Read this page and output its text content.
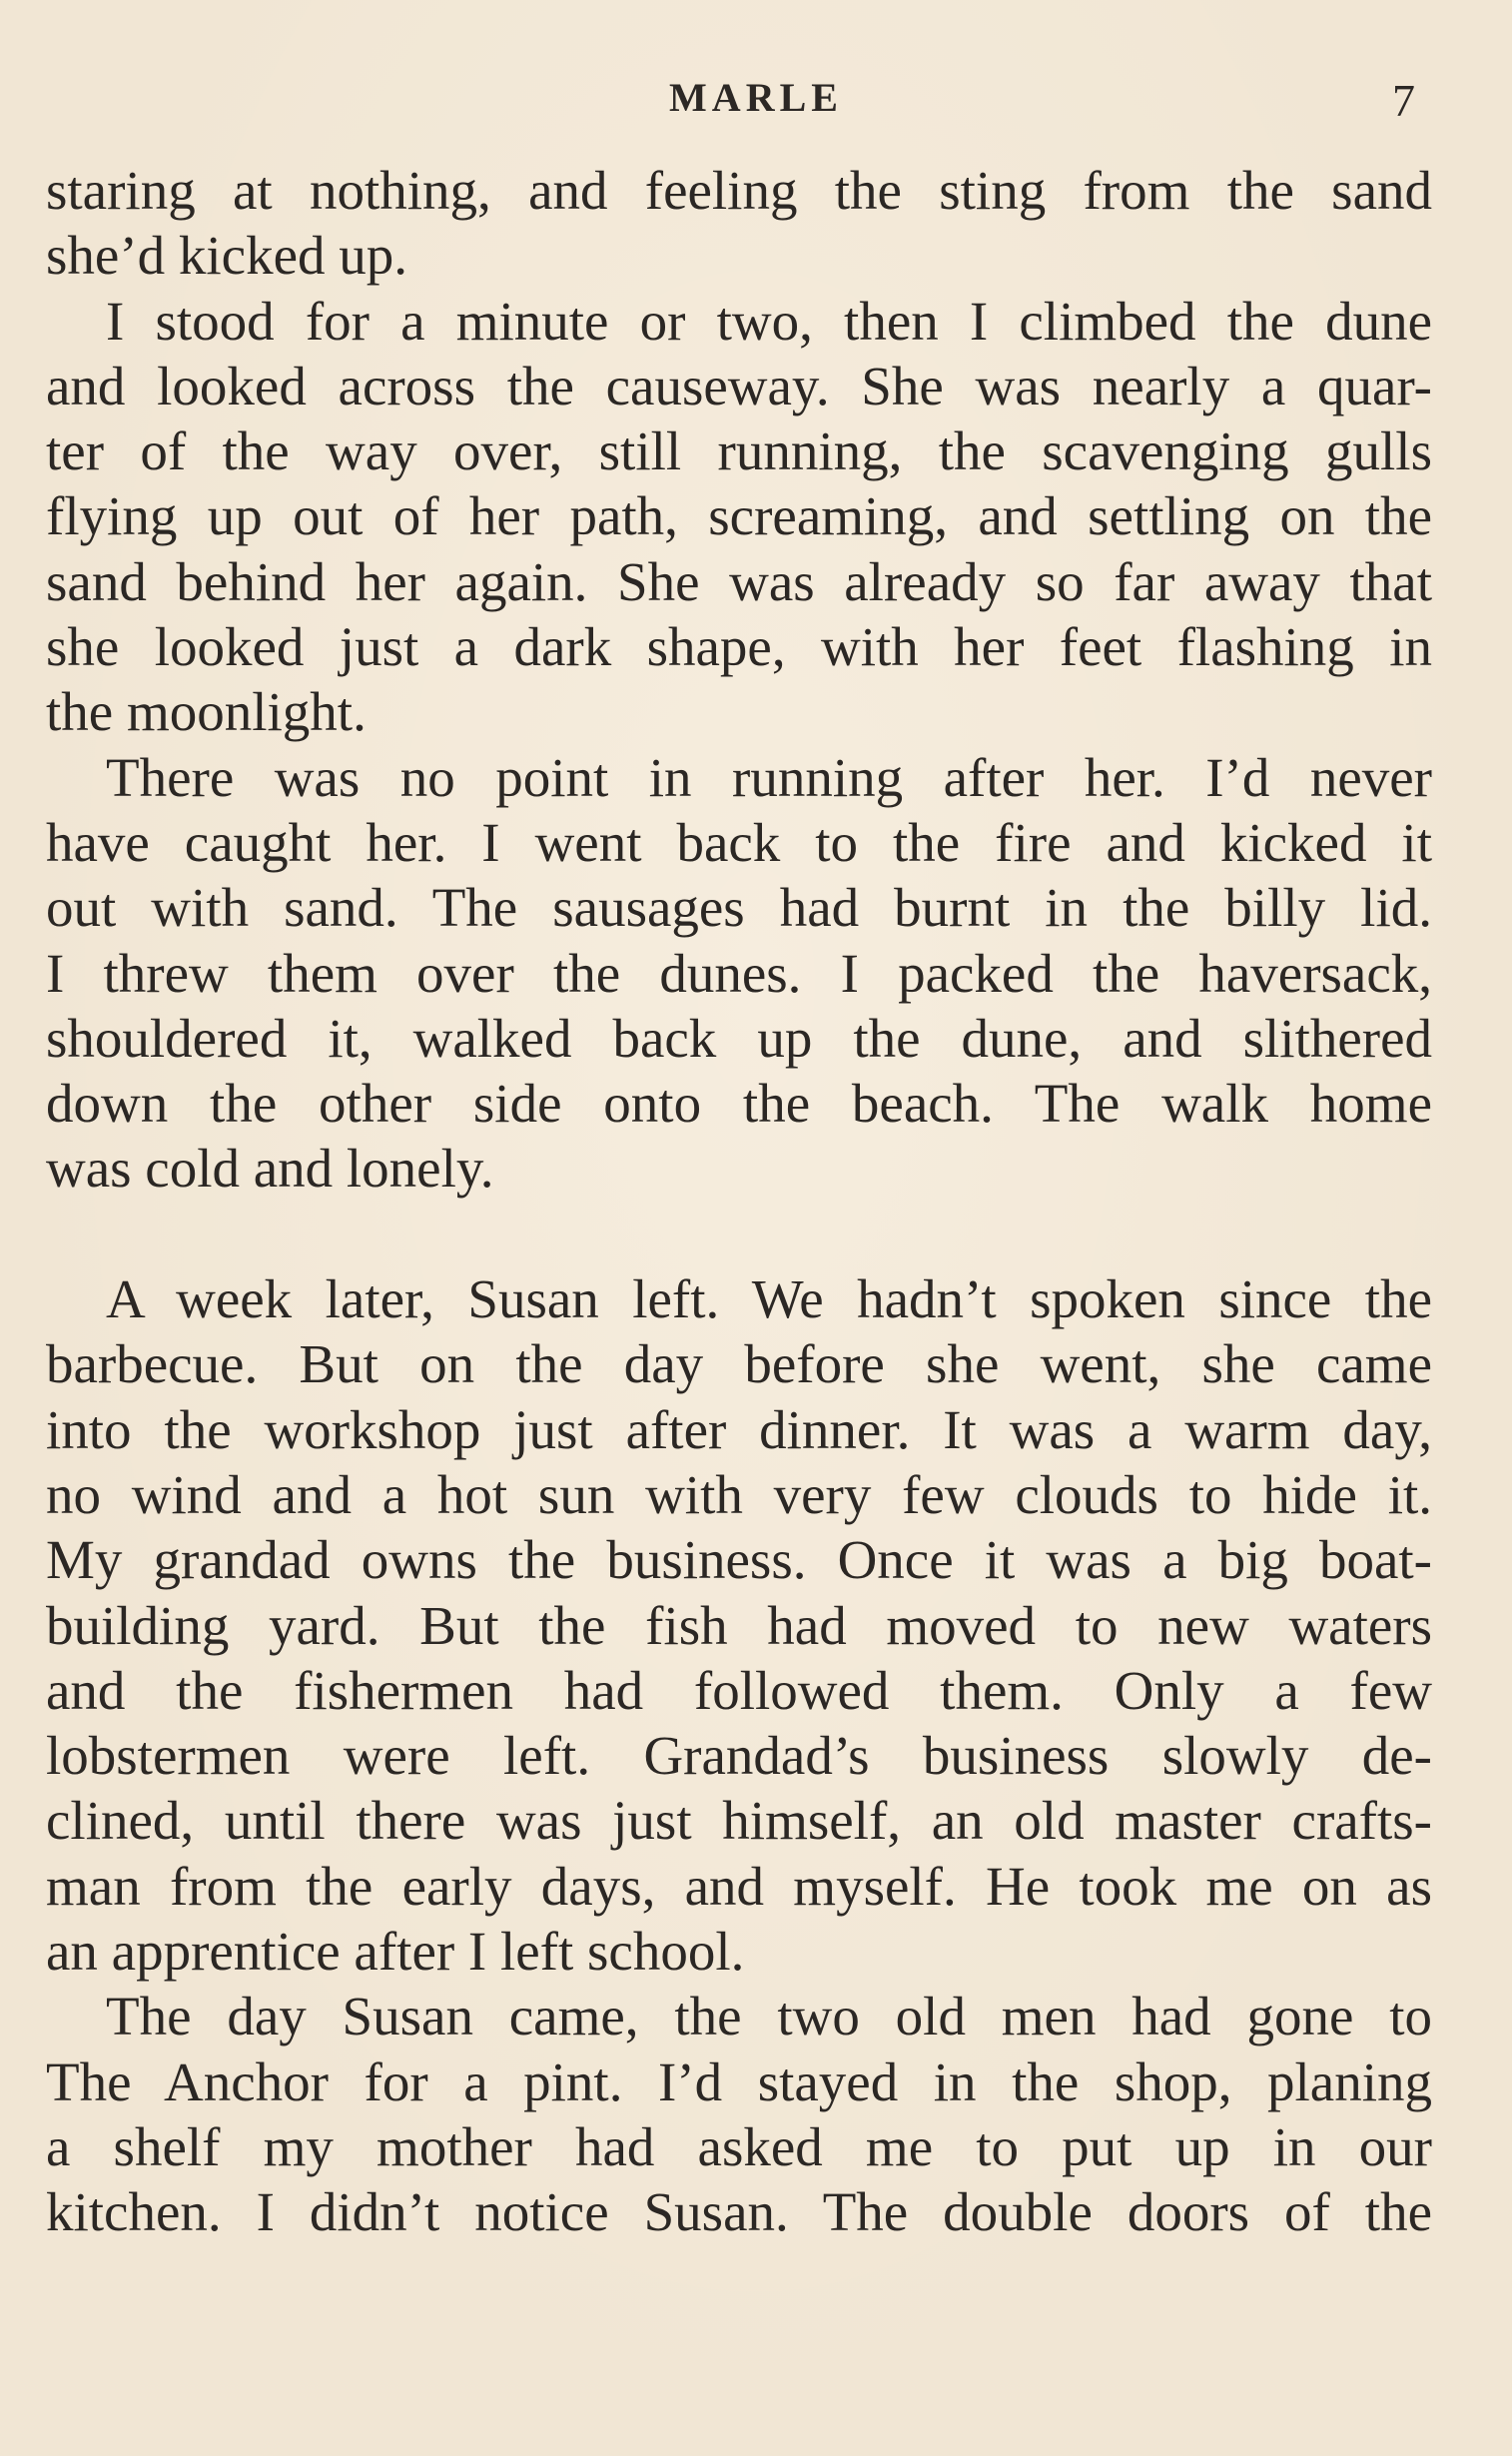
MARLE	7
staring at nothing, and feeling the sting from the sand
she’d kicked up.
I stood for a minute or two, then I climbed the dune
and looked across the causeway. She was nearly a quar-
ter of the way over, still running, the scavenging gulls
flying up out of her path, screaming, and settling on the
sand behind her again. She was already so far away that
she looked just a dark shape, with her feet flashing in
the moonlight.
There was no point in running after her. I’d never
have caught her. I went back to the fire and kicked it
out with sand. The sausages had burnt in the billy lid.
I threw them over the dunes. I packed the haversack,
shouldered it, walked back up the dune, and slithered
down the other side onto the beach. The walk home
was cold and lonely.
A week later, Susan left. We hadn’t spoken since the
barbecue. But on the day before she went, she came
into the workshop just after dinner. It was a warm day,
no wind and a hot sun with very few clouds to hide it.
My grandad owns the business. Once it was a big boat-
building yard. But the fish had moved to new waters
and the fishermen had followed them. Only a few
lobstermen were left. Grandad’s business slowly de-
clined, until there was just himself, an old master crafts-
man from the early days, and myself. He took me on as
an apprentice after I left school.
The day Susan came, the two old men had gone to
The Anchor for a pint. I’d stayed in the shop, planing
a shelf my mother had asked me to put up in our
kitchen. I didn’t notice Susan. The double doors of the
